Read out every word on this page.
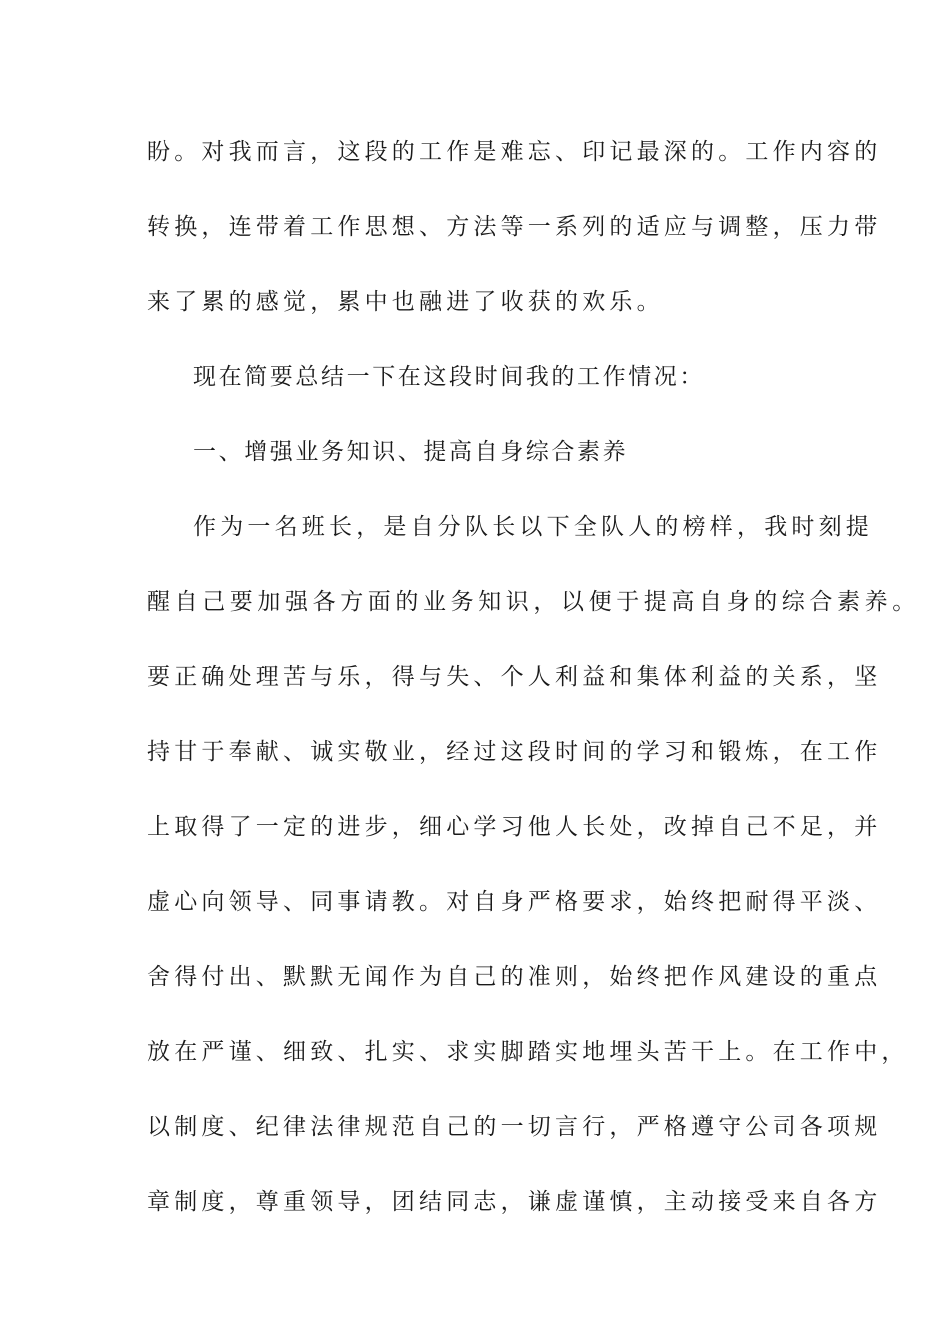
盼。对我而言，这段的工作是难忘、印记最深的。工作内容的
转换，连带着工作思想、方法等一系列的适应与调整，压力带
来了累的感觉，累中也融进了收获的欢乐。
现在简要总结一下在这段时间我的工作情况：
一、增强业务知识、提高自身综合素养
作为一名班长，是自分队长以下全队人的榜样，我时刻提
醒自己要加强各方面的业务知识，以便于提高自身的综合素养。
要正确处理苦与乐，得与失、个人利益和集体利益的关系，坚
持甘于奉献、诚实敬业，经过这段时间的学习和锻炼，在工作
上取得了一定的进步，细心学习他人长处，改掉自己不足，并
虚心向领导、同事请教。对自身严格要求，始终把耐得平淡、
舍得付出、默默无闻作为自己的准则，始终把作风建设的重点
放在严谨、细致、扎实、求实脚踏实地埋头苦干上。在工作中，
以制度、纪律法律规范自己的一切言行，严格遵守公司各项规
章制度，尊重领导，团结同志，谦虚谨慎，主动接受来自各方
